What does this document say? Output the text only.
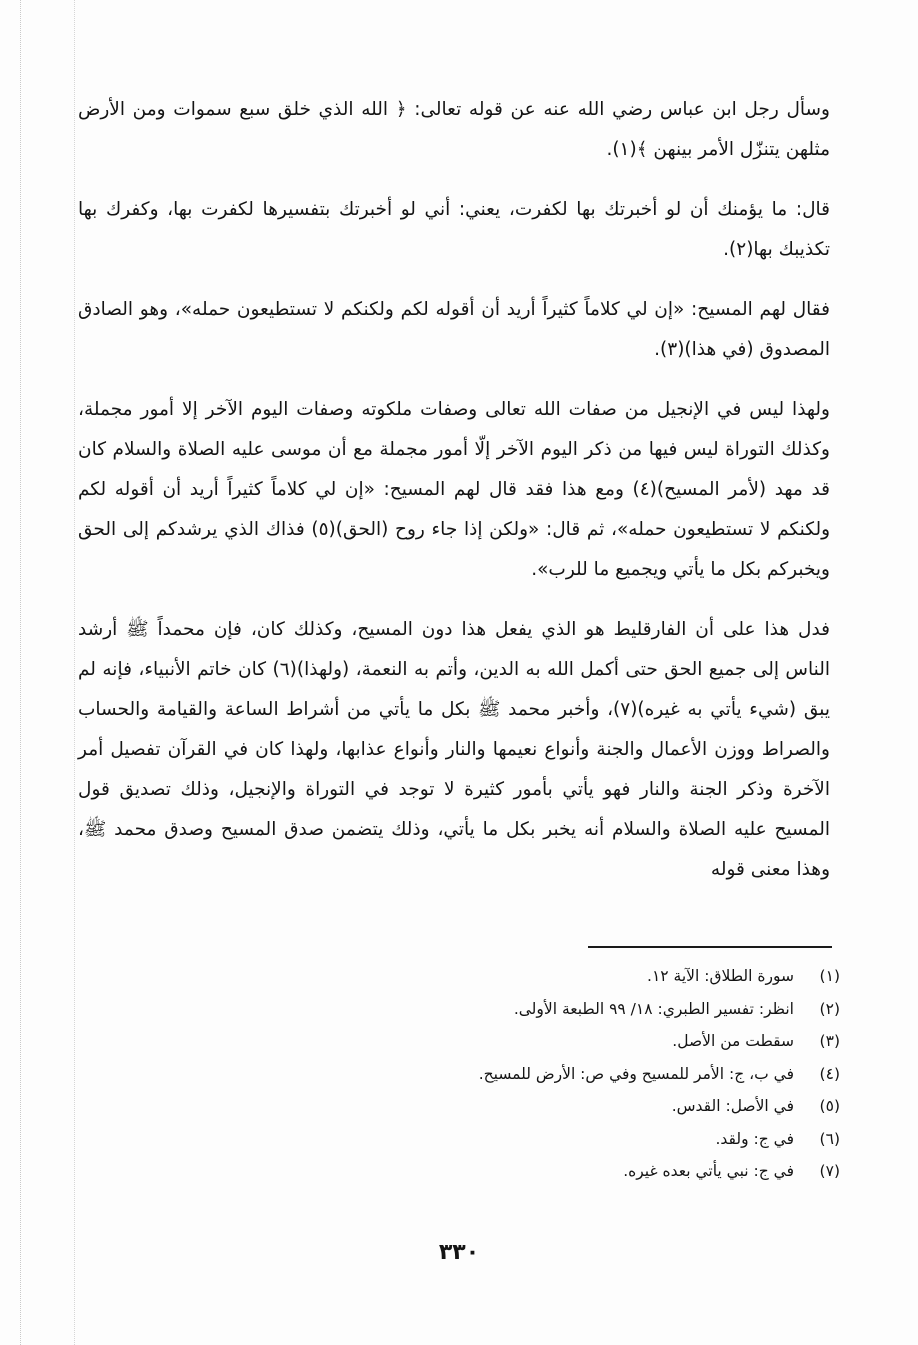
وسأل رجل ابن عباس رضي الله عنه عن قوله تعالى: ﴿ الله الذي خلق سبع سموات ومن الأرض مثلهن يتنزّل الأمر بينهن ﴾(١).

قال: ما يؤمنك أن لو أخبرتك بها لكفرت، يعني: أني لو أخبرتك بتفسيرها لكفرت بها، وكفرك بها تكذيبك بها(٢).

فقال لهم المسيح: «إن لي كلاماً كثيراً أريد أن أقوله لكم ولكنكم لا تستطيعون حمله»، وهو الصادق المصدوق (في هذا)(٣).

ولهذا ليس في الإنجيل من صفات الله تعالى وصفات ملكوته وصفات اليوم الآخر إلا أمور مجملة، وكذلك التوراة ليس فيها من ذكر اليوم الآخر إلّا أمور مجملة مع أن موسى عليه الصلاة والسلام كان قد مهد (لأمر المسيح)(٤) ومع هذا فقد قال لهم المسيح: «إن لي كلاماً كثيراً أريد أن أقوله لكم ولكنكم لا تستطيعون حمله»، ثم قال: «ولكن إذا جاء روح (الحق)(٥) فذاك الذي يرشدكم إلى الحق ويخبركم بكل ما يأتي ويجميع ما للرب».

فدل هذا على أن الفارقليط هو الذي يفعل هذا دون المسيح، وكذلك كان، فإن محمداً ﷺ أرشد الناس إلى جميع الحق حتى أكمل الله به الدين، وأتم به النعمة، (ولهذا)(٦) كان خاتم الأنبياء، فإنه لم يبق (شيء يأتي به غيره)(٧)، وأخبر محمد ﷺ بكل ما يأتي من أشراط الساعة والقيامة والحساب والصراط ووزن الأعمال والجنة وأنواع نعيمها والنار وأنواع عذابها، ولهذا كان في القرآن تفصيل أمر الآخرة وذكر الجنة والنار فهو يأتي بأمور كثيرة لا توجد في التوراة والإنجيل، وذلك تصديق قول المسيح عليه الصلاة والسلام أنه يخبر بكل ما يأتي، وذلك يتضمن صدق المسيح وصدق محمد ﷺ، وهذا معنى قوله

(١)
سورة الطلاق: الآية ١٢.
(٢)
انظر: تفسير الطبري: ١٨/ ٩٩ الطبعة الأولى.
(٣)
سقطت من الأصل.
(٤)
في ب، ج: الأمر للمسيح وفي ص: الأرض للمسيح.
(٥)
في الأصل: القدس.
(٦)
في ج: ولقد.
(٧)
في ج: نبي يأتي بعده غيره.
٣٣٠
